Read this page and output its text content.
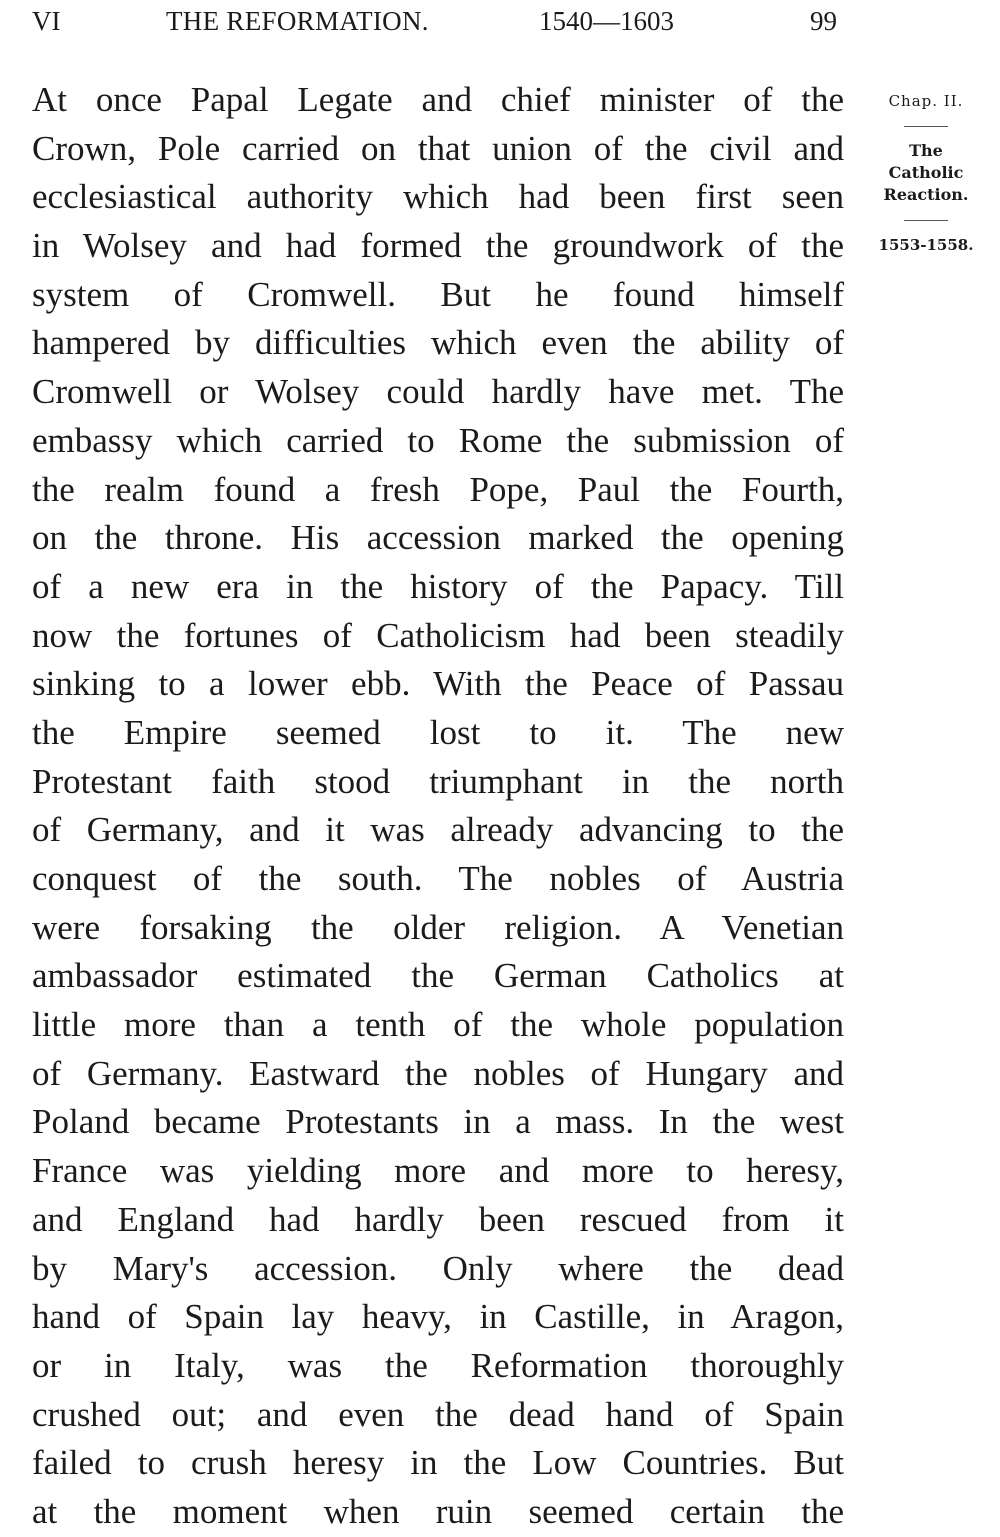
VI	THE REFORMATION.	1540—1603	99
At once Papal Legate and chief minister of the
Crown, Pole carried on that union of the civil and
ecclesiastical authority which had been first seen
in Wolsey and had formed the groundwork of the
system of Cromwell. But he found himself
hampered by difficulties which even the ability of
Cromwell or Wolsey could hardly have met. The
embassy which carried to Rome the submission of
the realm found a fresh Pope, Paul the Fourth,
on the throne. His accession marked the opening
of a new era in the history of the Papacy. Till
now the fortunes of Catholicism had been steadily
sinking to a lower ebb. With the Peace of Passau
the Empire seemed lost to it. The new
Protestant faith stood triumphant in the north
of Germany, and it was already advancing to the
conquest of the south. The nobles of Austria
were forsaking the older religion. A Venetian
ambassador estimated the German Catholics at
little more than a tenth of the whole population
of Germany. Eastward the nobles of Hungary and
Poland became Protestants in a mass. In the west
France was yielding more and more to heresy,
and England had hardly been rescued from it
by Mary's accession. Only where the dead
hand of Spain lay heavy, in Castille, in Aragon,
or in Italy, was the Reformation thoroughly
crushed out; and even the dead hand of Spain
failed to crush heresy in the Low Countries. But
at the moment when ruin seemed certain the
Chap. II.
The
Catholic
Reaction.
1553-1558.
